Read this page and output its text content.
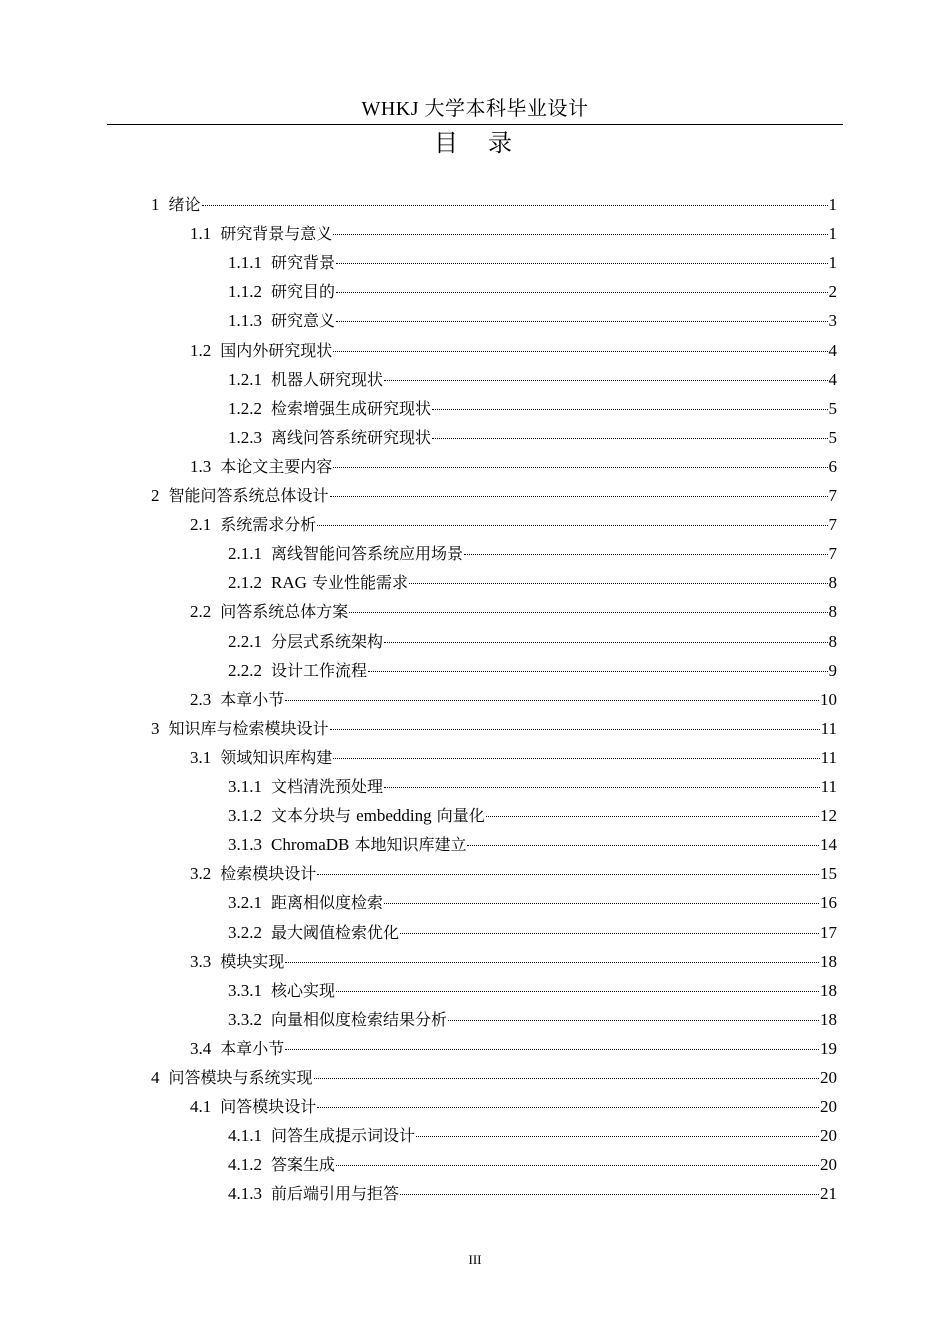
WHKJ 大学本科毕业设计
目 录
1 绪论	1
1.1 研究背景与意义	1
1.1.1 研究背景	1
1.1.2 研究目的	2
1.1.3 研究意义	3
1.2 国内外研究现状	4
1.2.1 机器人研究现状	4
1.2.2 检索增强生成研究现状	5
1.2.3 离线问答系统研究现状	5
1.3 本论文主要内容	6
2 智能问答系统总体设计	7
2.1 系统需求分析	7
2.1.1 离线智能问答系统应用场景	7
2.1.2 RAG 专业性能需求	8
2.2 问答系统总体方案	8
2.2.1 分层式系统架构	8
2.2.2 设计工作流程	9
2.3 本章小节	10
3 知识库与检索模块设计	11
3.1 领域知识库构建	11
3.1.1 文档清洗预处理	11
3.1.2 文本分块与 embedding 向量化	12
3.1.3 ChromaDB 本地知识库建立	14
3.2 检索模块设计	15
3.2.1 距离相似度检索	16
3.2.2 最大阈值检索优化	17
3.3 模块实现	18
3.3.1 核心实现	18
3.3.2 向量相似度检索结果分析	18
3.4 本章小节	19
4 问答模块与系统实现	20
4.1 问答模块设计	20
4.1.1 问答生成提示词设计	20
4.1.2 答案生成	20
4.1.3 前后端引用与拒答	21
III
